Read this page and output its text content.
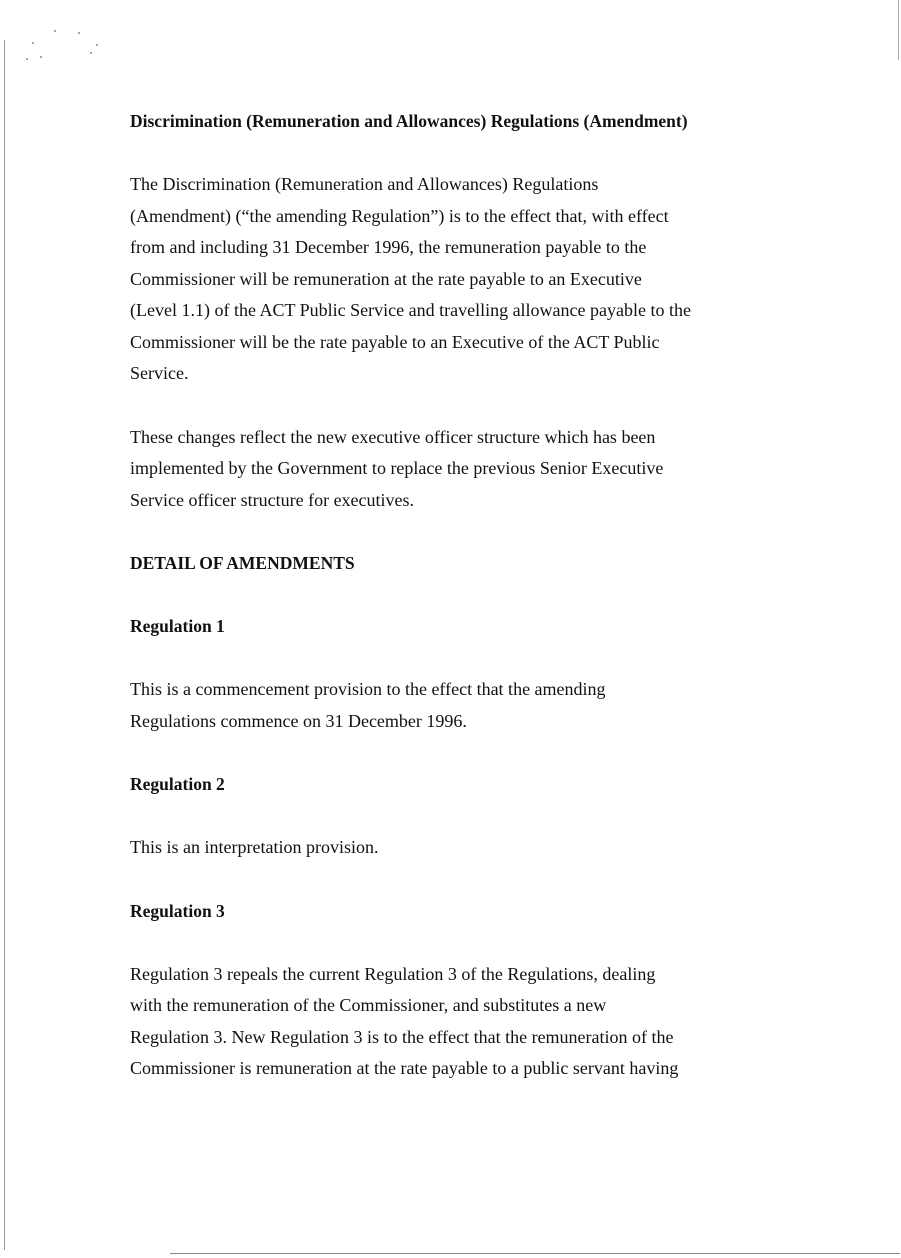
Discrimination (Remuneration and Allowances) Regulations (Amendment)
The Discrimination (Remuneration and Allowances) Regulations
(Amendment) (“the amending Regulation”) is to the effect that, with effect
from and including 31 December 1996, the remuneration payable to the
Commissioner will be remuneration at the rate payable to an Executive
(Level 1.1) of the ACT Public Service and travelling allowance payable to the
Commissioner will be the rate payable to an Executive of the ACT Public
Service.
These changes reflect the new executive officer structure which has been
implemented by the Government to replace the previous Senior Executive
Service officer structure for executives.
DETAIL OF AMENDMENTS
Regulation 1
This is a commencement provision to the effect that the amending
Regulations commence on 31 December 1996.
Regulation 2
This is an interpretation provision.
Regulation 3
Regulation 3 repeals the current Regulation 3 of the Regulations, dealing
with the remuneration of the Commissioner, and substitutes a new
Regulation 3. New Regulation 3 is to the effect that the remuneration of the
Commissioner is remuneration at the rate payable to a public servant having
